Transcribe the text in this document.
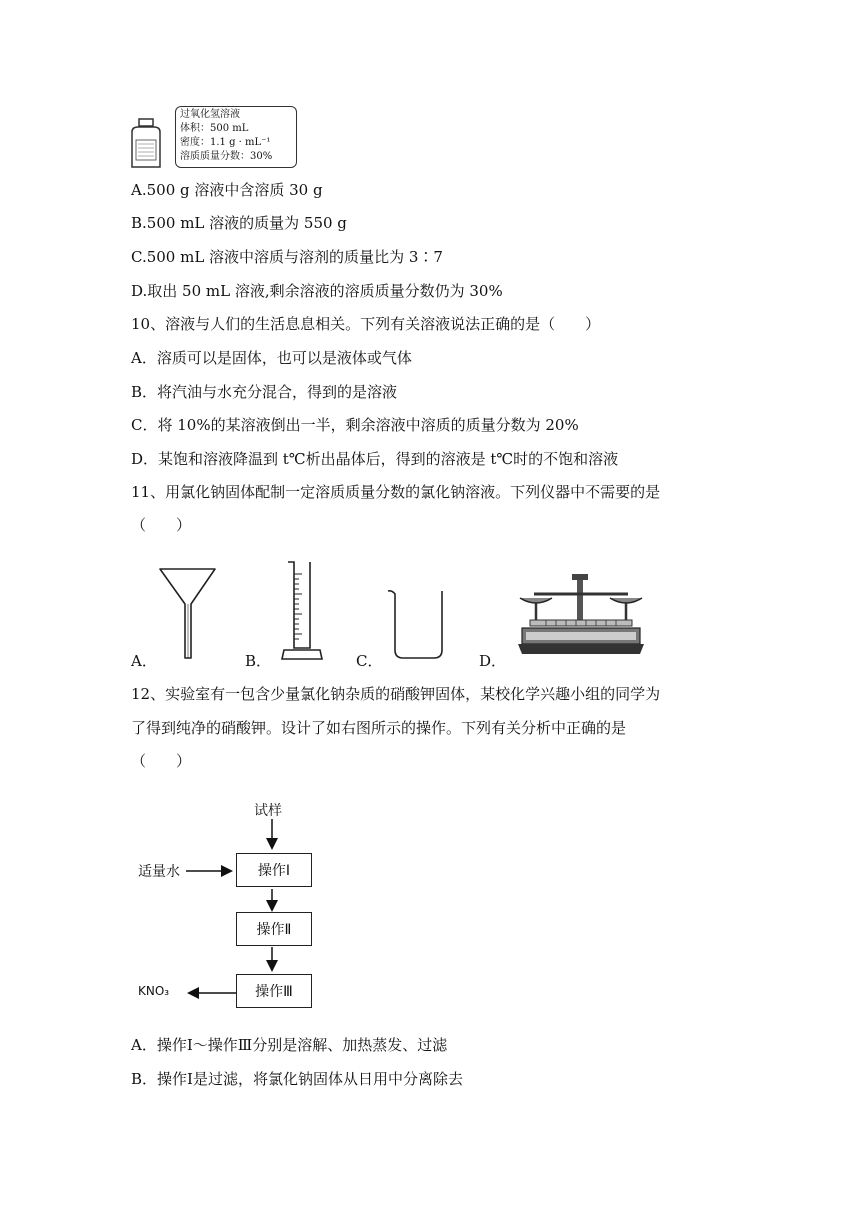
过氧化氢溶液
体积：500 mL
密度：1.1 g · mL⁻¹
溶质质量分数：30%
A.500 g 溶液中含溶质 30 g
B.500 mL 溶液的质量为 550 g
C.500 mL 溶液中溶质与溶剂的质量比为 3∶7
D.取出 50 mL 溶液,剩余溶液的溶质质量分数仍为 30%
10、溶液与人们的生活息息相关。下列有关溶液说法正确的是（　　）
A．溶质可以是固体，也可以是液体或气体
B．将汽油与水充分混合，得到的是溶液
C．将 10%的某溶液倒出一半，剩余溶液中溶质的质量分数为 20%
D．某饱和溶液降温到 t℃析出晶体后，得到的溶液是 t℃时的不饱和溶液
11、用氯化钠固体配制一定溶质质量分数的氯化钠溶液。下列仪器中不需要的是
（　　）
A．	B．	C．	D．
12、实验室有一包含少量氯化钠杂质的硝酸钾固体，某校化学兴趣小组的同学为
了得到纯净的硝酸钾。设计了如右图所示的操作。下列有关分析中正确的是
（　　）
试样
适量水	操作Ⅰ
操作Ⅱ
操作Ⅲ
KNO₃
A．操作Ⅰ～操作Ⅲ分别是溶解、加热蒸发、过滤
B．操作Ⅰ是过滤，将氯化钠固体从日用中分离除去
